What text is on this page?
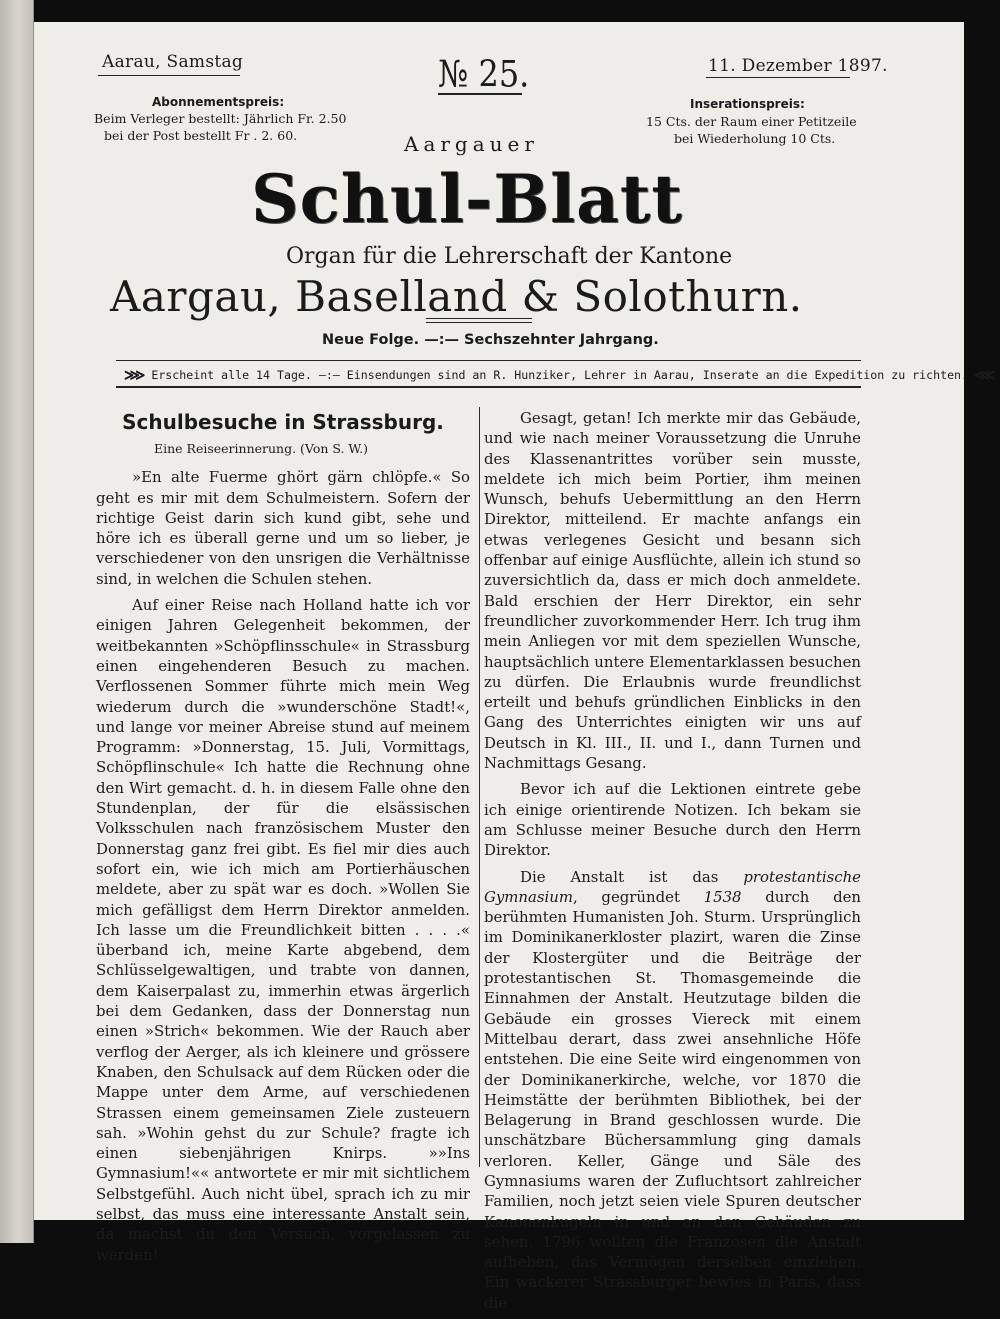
Aarau, Samstag	№ 25.	11. Dezember 1897.
Abonnementspreis:
Beim Verleger bestellt: Jährlich Fr. 2.50
bei der Post bestellt Fr . 2. 60.
Inserationspreis:
15 Cts. der Raum einer Petitzeile
bei Wiederholung 10 Cts.
Aargauer
Schul-Blatt
Organ für die Lehrerschaft der Kantone
Aargau, Baselland & Solothurn.
Neue Folge. —:— Sechszehnter Jahrgang.
⋙ Erscheint alle 14 Tage. —:— Einsendungen sind an R. Hunziker, Lehrer in Aarau, Inserate an die Expedition zu richten. ⋘

Schulbesuche in Strassburg.

Eine Reiseerinnerung. (Von S. W.)

»En alte Fuerme ghört gärn chlöpfe.« So geht es mir mit dem Schulmeistern. Sofern der richtige Geist darin sich kund gibt, sehe und höre ich es überall gerne und um so lieber, je verschiedener von den unsrigen die Verhältnisse sind, in welchen die Schulen stehen.

Auf einer Reise nach Holland hatte ich vor einigen Jahren Gelegenheit bekommen, der weitbekannten »Schöpflinsschule« in Strassburg einen eingehenderen Besuch zu machen. Verflossenen Sommer führte mich mein Weg wiederum durch die »wunderschöne Stadt!«, und lange vor meiner Abreise stund auf meinem Programm: »Donnerstag, 15. Juli, Vormittags, Schöpflinschule« Ich hatte die Rechnung ohne den Wirt gemacht. d. h. in diesem Falle ohne den Stundenplan, der für die elsässischen Volksschulen nach französischem Muster den Donnerstag ganz frei gibt. Es fiel mir dies auch sofort ein, wie ich mich am Portierhäuschen meldete, aber zu spät war es doch. »Wollen Sie mich gefälligst dem Herrn Direktor anmelden. Ich lasse um die Freundlichkeit bitten . . . .« überband ich, meine Karte abgebend, dem Schlüsselgewaltigen, und trabte von dannen, dem Kaiserpalast zu, immerhin etwas ärgerlich bei dem Gedanken, dass der Donnerstag nun einen »Strich« bekommen. Wie der Rauch aber verflog der Aerger, als ich kleinere und grössere Knaben, den Schulsack auf dem Rücken oder die Mappe unter dem Arme, auf verschiedenen Strassen einem gemeinsamen Ziele zusteuern sah. »Wohin gehst du zur Schule? fragte ich einen siebenjährigen Knirps. »»Ins Gymnasium!«« antwortete er mir mit sichtlichem Selbstgefühl. Auch nicht übel, sprach ich zu mir selbst, das muss eine interessante Anstalt sein, da machst du den Versuch, vorgelassen zu werden!

Gesagt, getan! Ich merkte mir das Gebäude, und wie nach meiner Voraussetzung die Unruhe des Klassenantrittes vorüber sein musste, meldete ich mich beim Portier, ihm meinen Wunsch, behufs Uebermittlung an den Herrn Direktor, mitteilend. Er machte anfangs ein etwas verlegenes Gesicht und besann sich offenbar auf einige Ausflüchte, allein ich stund so zuversichtlich da, dass er mich doch anmeldete. Bald erschien der Herr Direktor, ein sehr freundlicher zuvorkommender Herr. Ich trug ihm mein Anliegen vor mit dem speziellen Wunsche, hauptsächlich untere Elementarklassen besuchen zu dürfen. Die Erlaubnis wurde freundlichst erteilt und behufs gründlichen Einblicks in den Gang des Unterrichtes einigten wir uns auf Deutsch in Kl. III., II. und I., dann Turnen und Nachmittags Gesang.

Bevor ich auf die Lektionen eintrete gebe ich einige orientirende Notizen. Ich bekam sie am Schlusse meiner Besuche durch den Herrn Direktor.

Die Anstalt ist das protestantische Gymnasium, gegründet 1538 durch den berühmten Humanisten Joh. Sturm. Ursprünglich im Dominikanerkloster plazirt, waren die Zinse der Klostergüter und die Beiträge der protestantischen St. Thomasgemeinde die Einnahmen der Anstalt. Heutzutage bilden die Gebäude ein grosses Viereck mit einem Mittelbau derart, dass zwei ansehnliche Höfe entstehen. Die eine Seite wird eingenommen von der Dominikanerkirche, welche, vor 1870 die Heimstätte der berühmten Bibliothek, bei der Belagerung in Brand geschlossen wurde. Die unschätzbare Büchersammlung ging damals verloren. Keller, Gänge und Säle des Gymnasiums waren der Zufluchtsort zahlreicher Familien, noch jetzt seien viele Spuren deutscher Kanonenkugeln in und an den Gebäuden zu sehen. 1796 wollten die Franzosen die Anstalt aufheben, das Vermögen derselben einziehen. Ein wackerer Strassburger bewies in Paris, dass die
